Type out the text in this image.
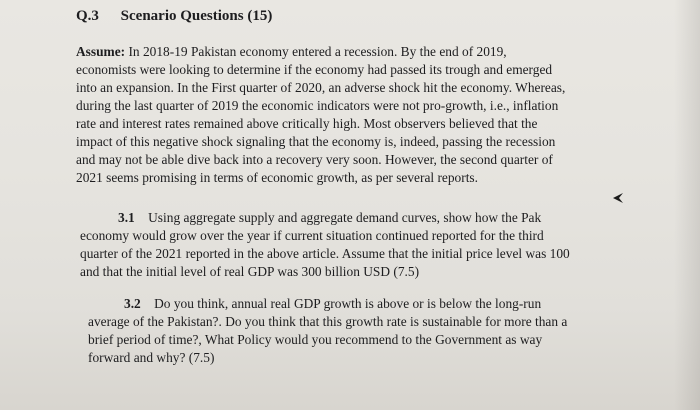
Q.3 Scenario Questions (15)
Assume: In 2018-19 Pakistan economy entered a recession. By the end of 2019,
economists were looking to determine if the economy had passed its trough and emerged
into an expansion. In the First quarter of 2020, an adverse shock hit the economy. Whereas,
during the last quarter of 2019 the economic indicators were not pro-growth, i.e., inflation
rate and interest rates remained above critically high. Most observers believed that the
impact of this negative shock signaling that the economy is, indeed, passing the recession
and may not be able dive back into a recovery very soon. However, the second quarter of
2021 seems promising in terms of economic growth, as per several reports.
3.1 Using aggregate supply and aggregate demand curves, show how the Pak
economy would grow over the year if current situation continued reported for the third
quarter of the 2021 reported in the above article. Assume that the initial price level was 100
and that the initial level of real GDP was 300 billion USD (7.5)
3.2 Do you think, annual real GDP growth is above or is below the long-run
average of the Pakistan?. Do you think that this growth rate is sustainable for more than a
brief period of time?, What Policy would you recommend to the Government as way
forward and why? (7.5)
